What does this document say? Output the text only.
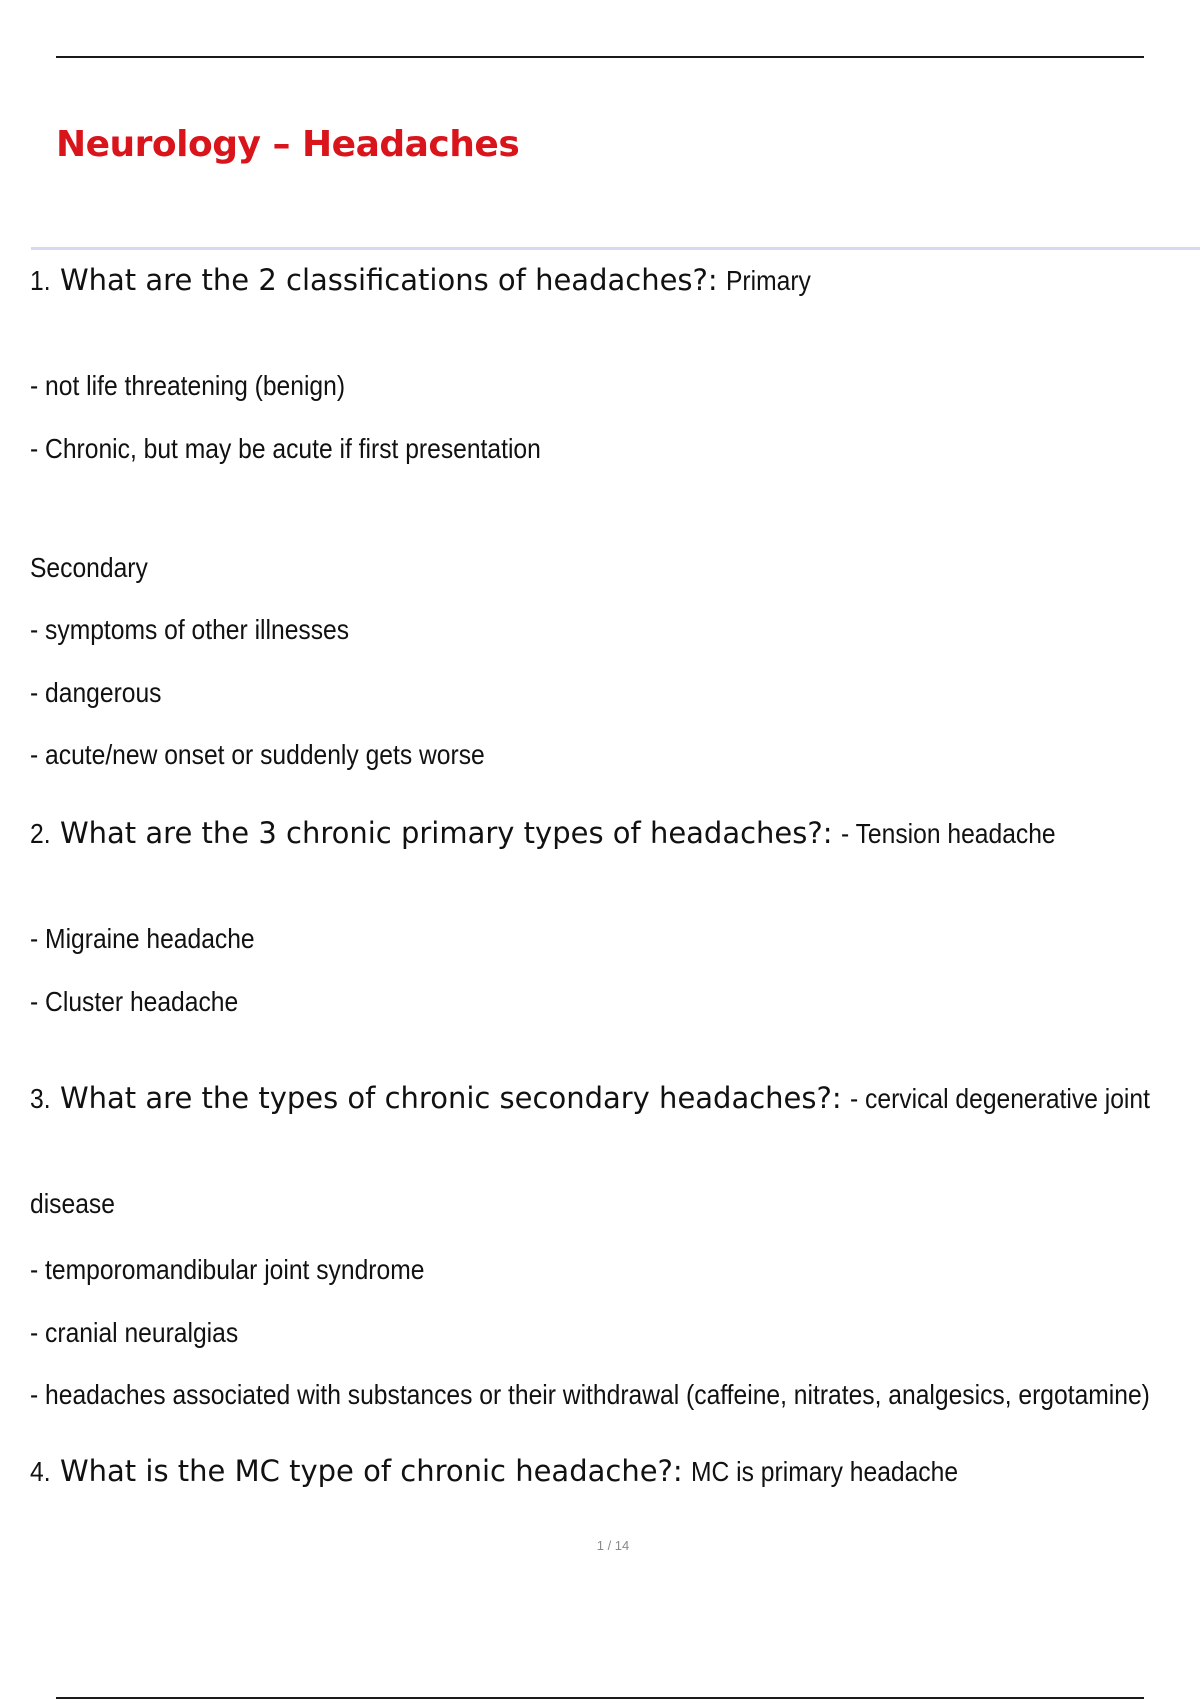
Neurology – Headaches
1. What are the 2 classifications of headaches?: Primary
- not life threatening (benign)
- Chronic, but may be acute if first presentation
Secondary
- symptoms of other illnesses
- dangerous
- acute/new onset or suddenly gets worse
2. What are the 3 chronic primary types of headaches?: - Tension headache
- Migraine headache
- Cluster headache
3. What are the types of chronic secondary headaches?: - cervical degenerative joint
disease
- temporomandibular joint syndrome
- cranial neuralgias
- headaches associated with substances or their withdrawal (caffeine, nitrates, analgesics, ergotamine)
4. What is the MC type of chronic headache?: MC is primary headache
1 / 14
